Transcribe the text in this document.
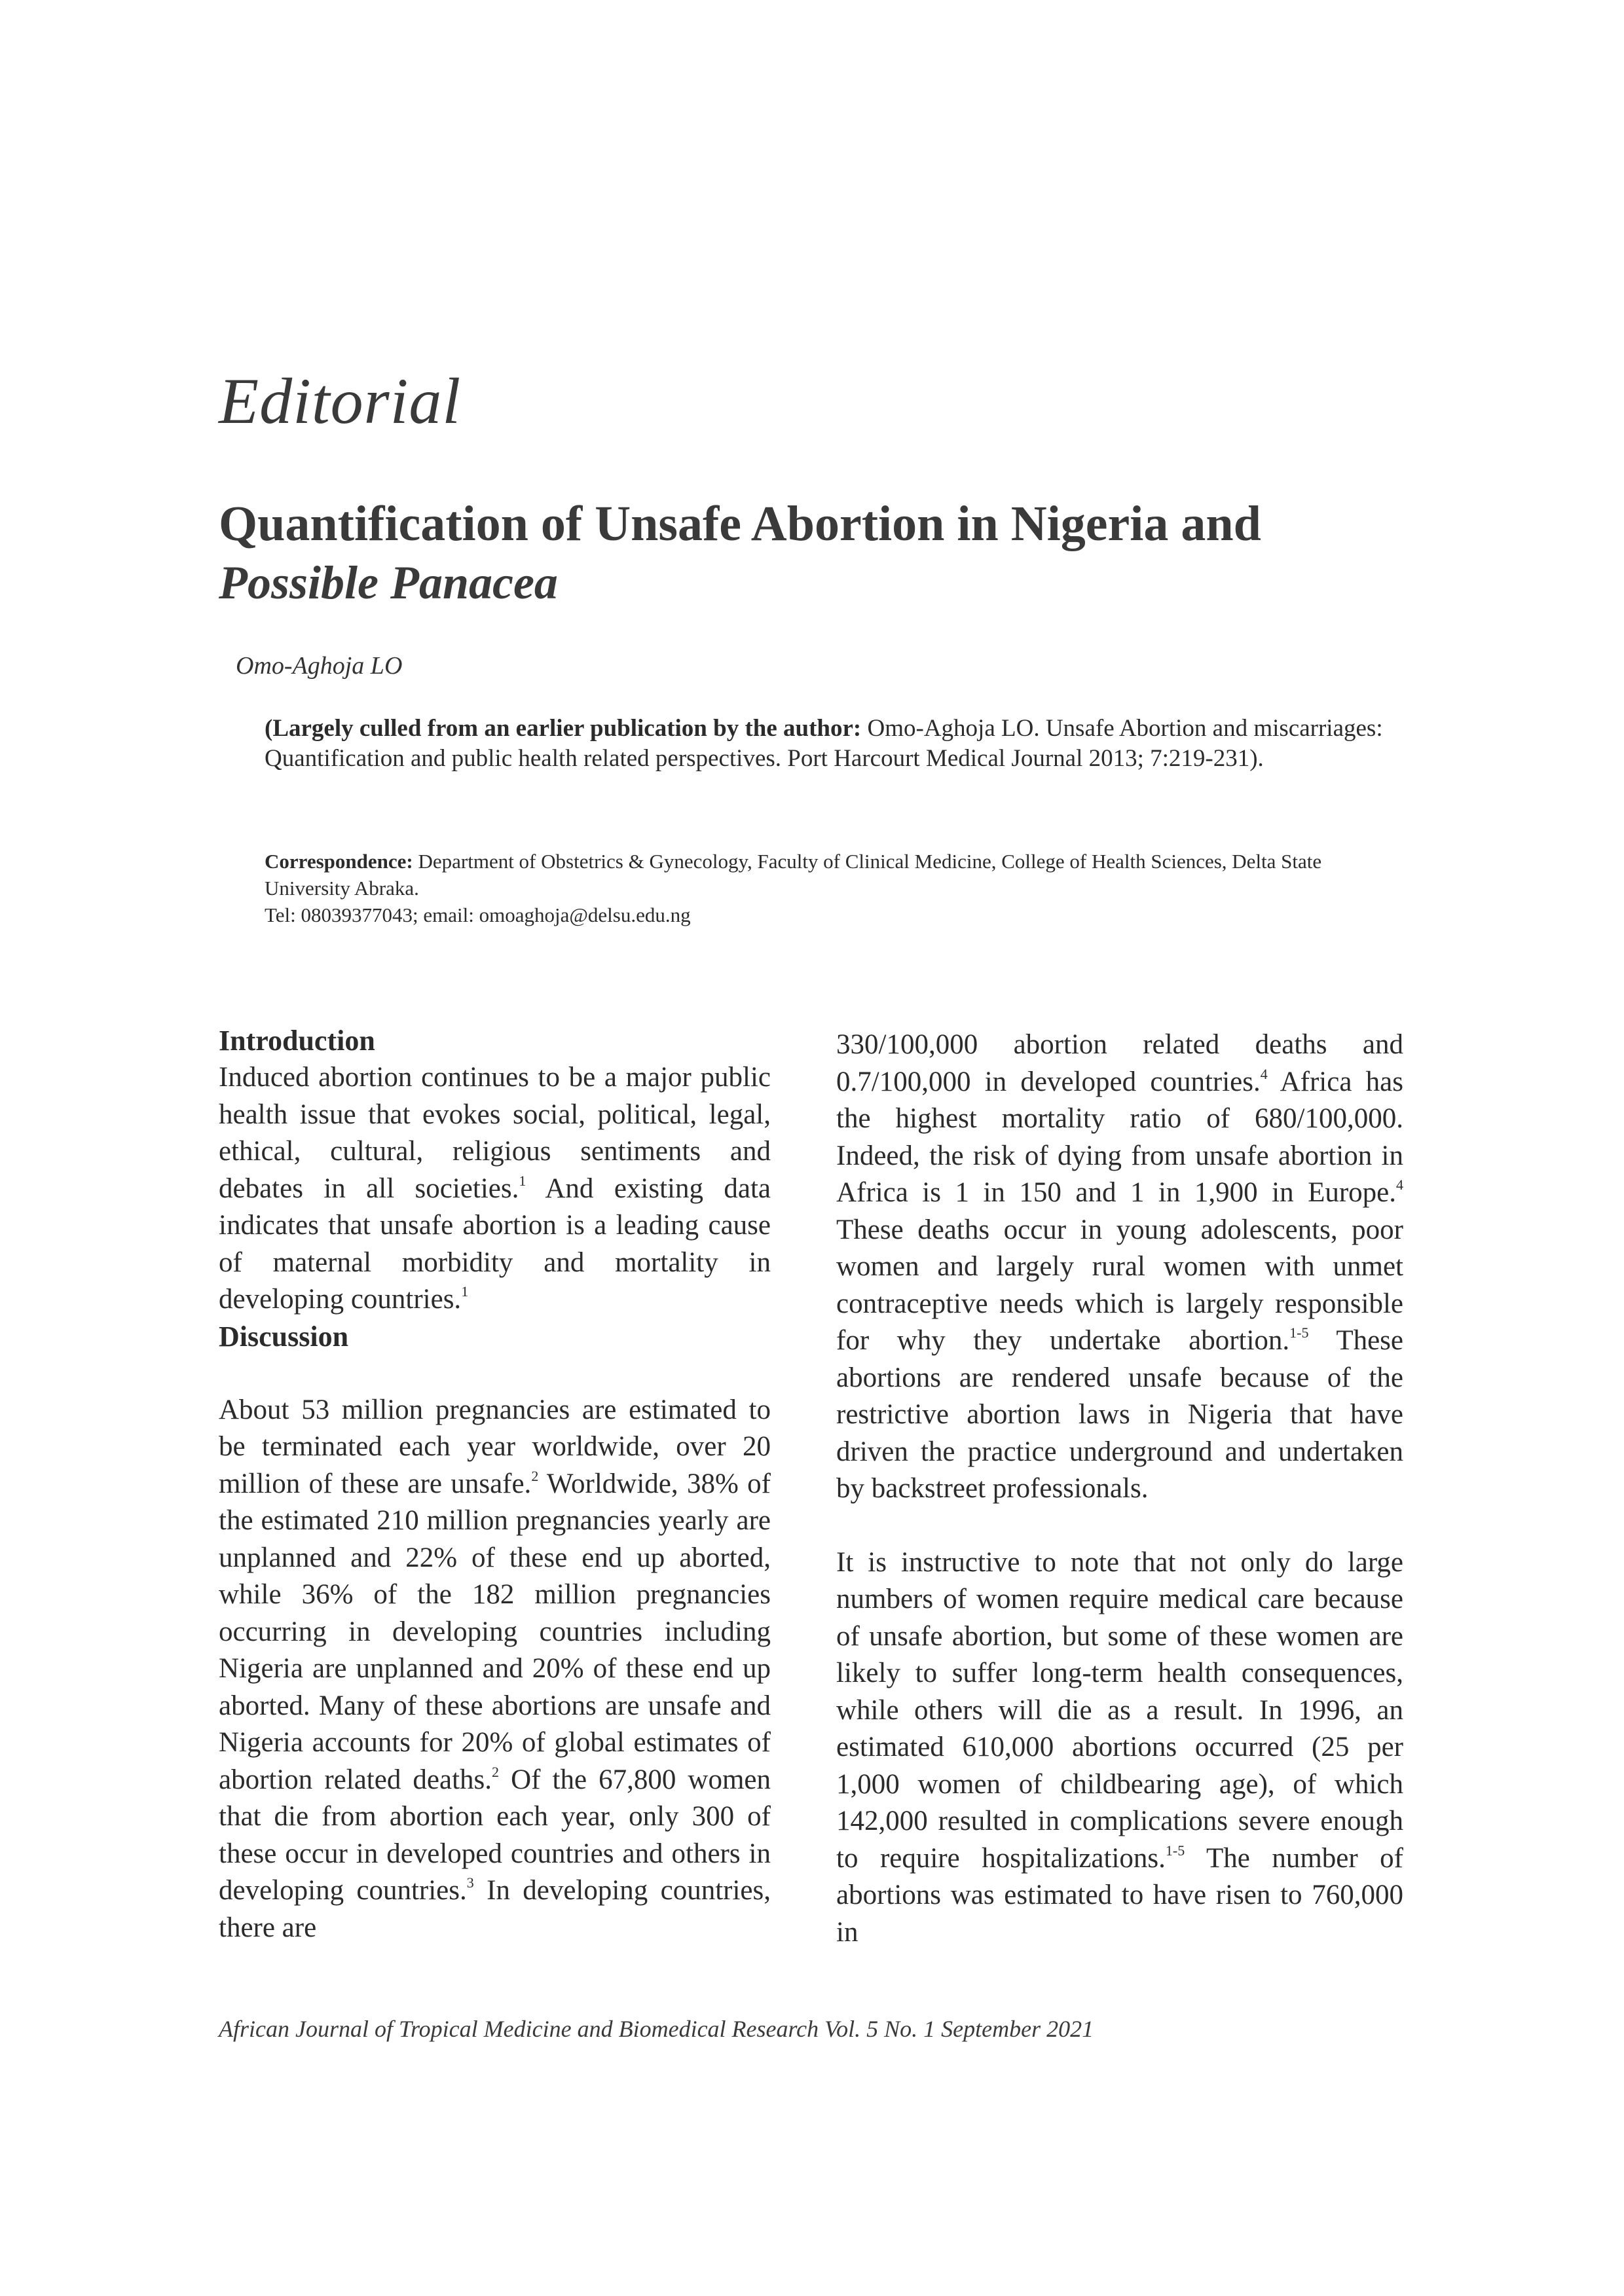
Editorial
Quantification of Unsafe Abortion in Nigeria and
Possible Panacea
Omo-Aghoja LO
(Largely culled from an earlier publication by the author: Omo-Aghoja LO. Unsafe Abortion and miscarriages: Quantification and public health related perspectives. Port Harcourt Medical Journal 2013; 7:219-231).
Correspondence: Department of Obstetrics & Gynecology, Faculty of Clinical Medicine, College of Health Sciences, Delta State University Abraka.
Tel: 08039377043; email: omoaghoja@delsu.edu.ng
Introduction

Induced abortion continues to be a major public health issue that evokes social, political, legal, ethical, cultural, religious sentiments and debates in all societies.$^1$ And existing data indicates that unsafe abortion is a leading cause of maternal morbidity and mortality in developing countries.$^1$

Discussion

About 53 million pregnancies are estimated to be terminated each year worldwide, over 20 million of these are unsafe.$^2$ Worldwide, 38% of the estimated 210 million pregnancies yearly are unplanned and 22% of these end up aborted, while 36% of the 182 million pregnancies occurring in developing countries including Nigeria are unplanned and 20% of these end up aborted. Many of these abortions are unsafe and Nigeria accounts for 20% of global estimates of abortion related deaths.$^2$ Of the 67,800 women that die from abortion each year, only 300 of these occur in developed countries and others in developing countries.$^3$ In developing countries, there are

330/100,000 abortion related deaths and 0.7/100,000 in developed countries.$^4$ Africa has the highest mortality ratio of 680/100,000. Indeed, the risk of dying from unsafe abortion in Africa is 1 in 150 and 1 in 1,900 in Europe.$^4$ These deaths occur in young adolescents, poor women and largely rural women with unmet contraceptive needs which is largely responsible for why they undertake abortion.$^{1-5}$ These abortions are rendered unsafe because of the restrictive abortion laws in Nigeria that have driven the practice underground and undertaken by backstreet professionals.

It is instructive to note that not only do large numbers of women require medical care because of unsafe abortion, but some of these women are likely to suffer long-term health consequences, while others will die as a result. In 1996, an estimated 610,000 abortions occurred (25 per 1,000 women of childbearing age), of which 142,000 resulted in complications severe enough to require hospitalizations.$^{1-5}$ The number of abortions was estimated to have risen to 760,000 in

African Journal of Tropical Medicine and Biomedical Research Vol. 5 No. 1 September 2021
